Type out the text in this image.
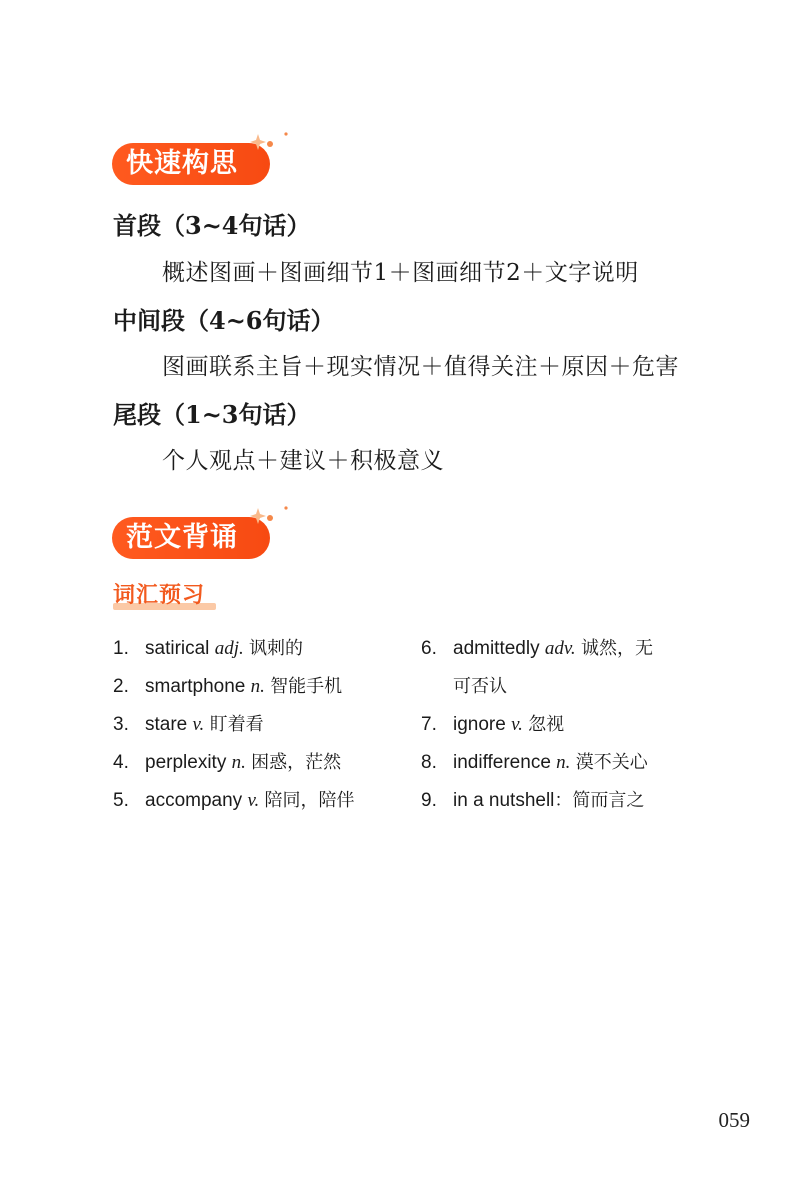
快速构思
首段（3~4句话）
概述图画＋图画细节1＋图画细节2＋文字说明
中间段（4~6句话）
图画联系主旨＋现实情况＋值得关注＋原因＋危害
尾段（1~3句话）
个人观点＋建议＋积极意义
范文背诵
词汇预习
1. satirical adj. 讽刺的
2. smartphone n. 智能手机
3. stare v. 盯着看
4. perplexity n. 困惑，茫然
5. accompany v. 陪同，陪伴
6. admittedly adv. 诚然，无
可否认
7. ignore v. 忽视
8. indifference n. 漠不关心
9. in a nutshell：简而言之
059
